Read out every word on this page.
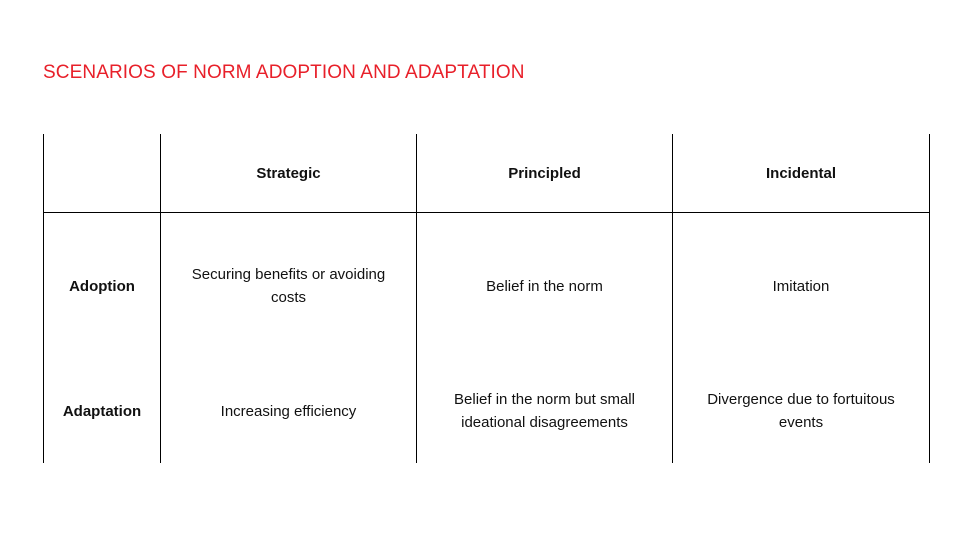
SCENARIOS OF NORM ADOPTION AND ADAPTATION
	Strategic	Principled	Incidental
Adoption	Securing benefits or avoiding costs	Belief in the norm	Imitation
Adaptation	Increasing efficiency	Belief in the norm but small ideational disagreements	Divergence due to fortuitous events
